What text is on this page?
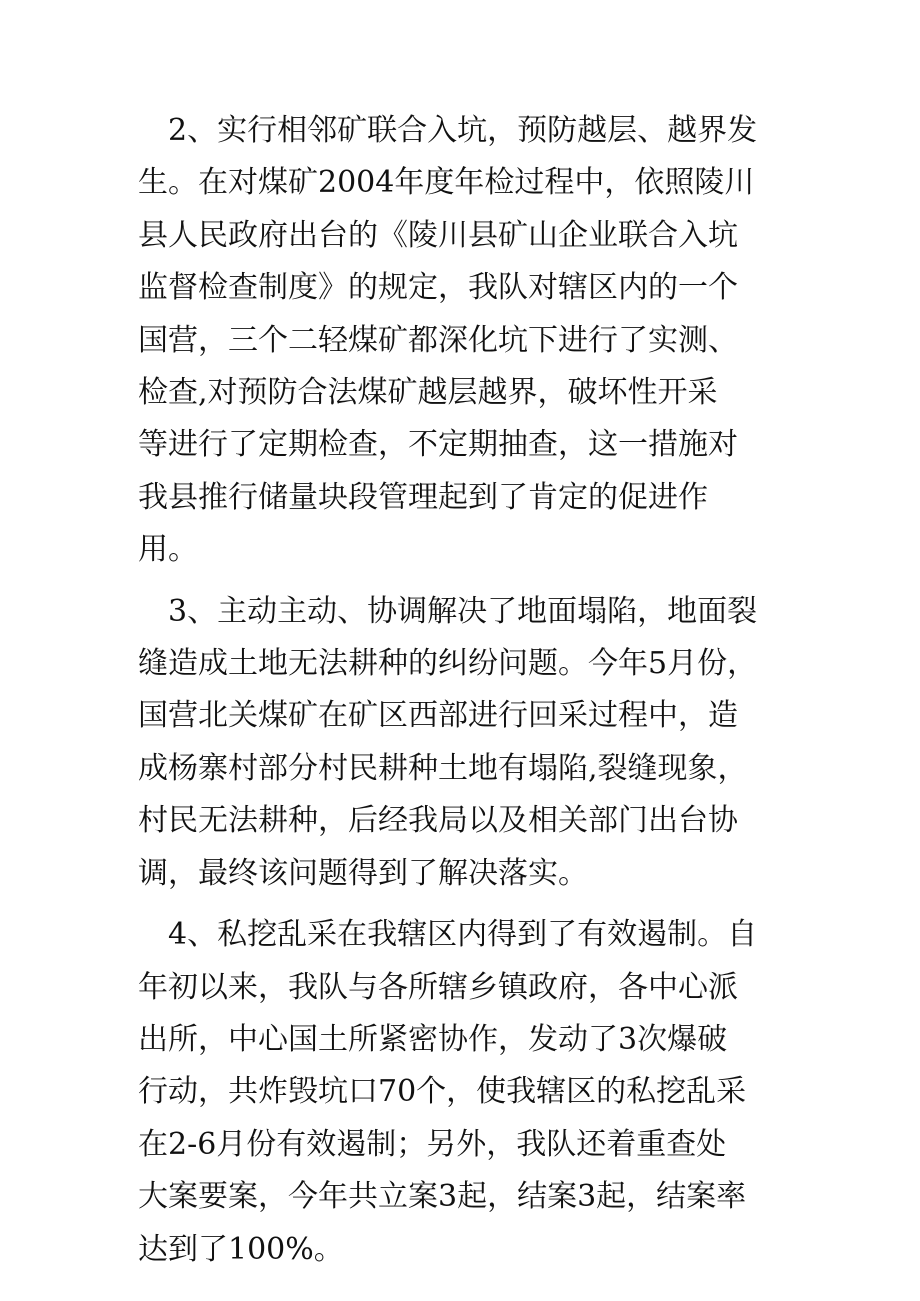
2、实行相邻矿联合入坑，预防越层、越界发
生。在对煤矿2004年度年检过程中，依照陵川
县人民政府出台的《陵川县矿山企业联合入坑
监督检查制度》的规定，我队对辖区内的一个
国营，三个二轻煤矿都深化坑下进行了实测、
检查,对预防合法煤矿越层越界，破坏性开采
等进行了定期检查，不定期抽查，这一措施对
我县推行储量块段管理起到了肯定的促进作
用。

3、主动主动、协调解决了地面塌陷，地面裂
缝造成土地无法耕种的纠纷问题。今年5月份，
国营北关煤矿在矿区西部进行回采过程中，造
成杨寨村部分村民耕种土地有塌陷,裂缝现象，
村民无法耕种，后经我局以及相关部门出台协
调，最终该问题得到了解决落实。

4、私挖乱采在我辖区内得到了有效遏制。自
年初以来，我队与各所辖乡镇政府，各中心派
出所，中心国土所紧密协作，发动了3次爆破
行动，共炸毁坑口70个，使我辖区的私挖乱采
在2-6月份有效遏制；另外，我队还着重查处
大案要案，今年共立案3起，结案3起，结案率
达到了100%。
